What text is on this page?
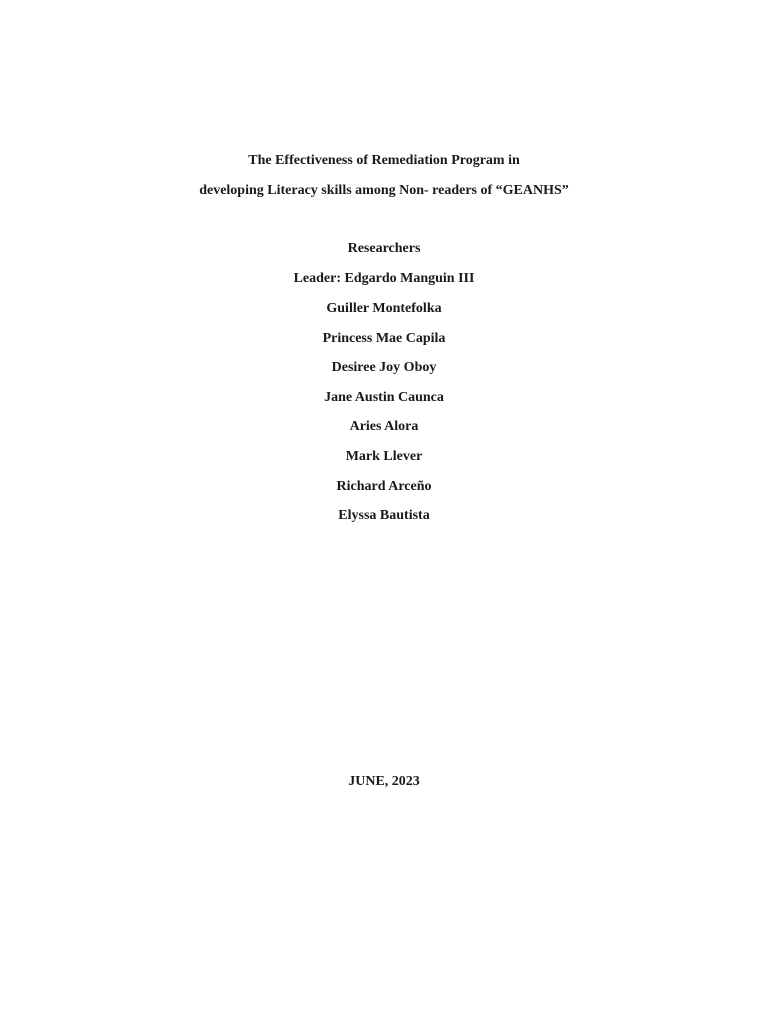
The Effectiveness of Remediation Program in
developing Literacy skills among Non- readers of “GEANHS”
Researchers
Leader: Edgardo Manguin III
Guiller Montefolka
Princess Mae Capila
Desiree Joy Oboy
Jane Austin Caunca
Aries Alora
Mark Llever
Richard Arceño
Elyssa Bautista
JUNE, 2023
